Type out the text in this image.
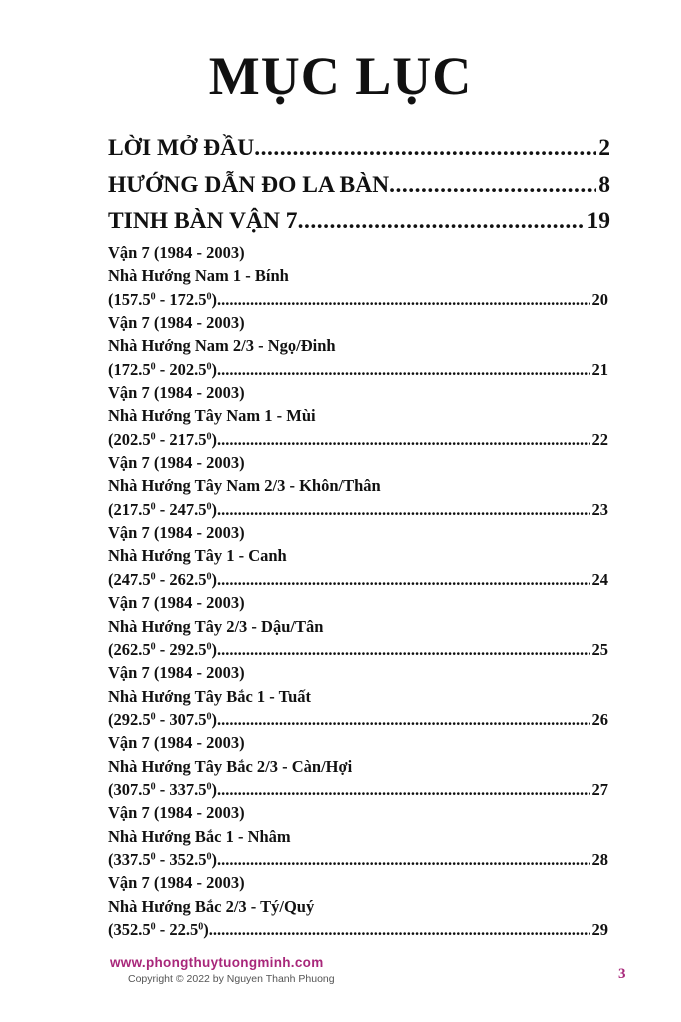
MỤC LỤC
LỜI MỞ ĐẦU .....	2
HƯỚNG DẪN ĐO LA BÀN .....	8
TINH BÀN VẬN 7 .....	19
Vận 7 (1984 - 2003)
Nhà Hướng Nam 1 - Bính
(157.5$^0$ - 172.5$^0$) .....	20
Vận 7 (1984 - 2003)
Nhà Hướng Nam 2/3 - Ngọ/Đinh
(172.5$^0$ - 202.5$^0$) .....	21
Vận 7 (1984 - 2003)
Nhà Hướng Tây Nam 1 - Mùi
(202.5$^0$ - 217.5$^0$) .....	22
Vận 7 (1984 - 2003)
Nhà Hướng Tây Nam 2/3 - Khôn/Thân
(217.5$^0$ - 247.5$^0$) .....	23
Vận 7 (1984 - 2003)
Nhà Hướng Tây 1 - Canh
(247.5$^0$ - 262.5$^0$) .....	24
Vận 7 (1984 - 2003)
Nhà Hướng Tây 2/3 - Dậu/Tân
(262.5$^0$ - 292.5$^0$) .....	25
Vận 7 (1984 - 2003)
Nhà Hướng Tây Bắc 1 - Tuất
(292.5$^0$ - 307.5$^0$) .....	26
Vận 7 (1984 - 2003)
Nhà Hướng Tây Bắc 2/3 - Càn/Hợi
(307.5$^0$ - 337.5$^0$) .....	27
Vận 7 (1984 - 2003)
Nhà Hướng Bắc 1 - Nhâm
(337.5$^0$ - 352.5$^0$) .....	28
Vận 7 (1984 - 2003)
Nhà Hướng Bắc 2/3 - Tý/Quý
(352.5$^0$ - 22.5$^0$) .....	29
www.phongthuytuongminh.com
Copyright © 2022 by Nguyen Thanh Phuong	3
